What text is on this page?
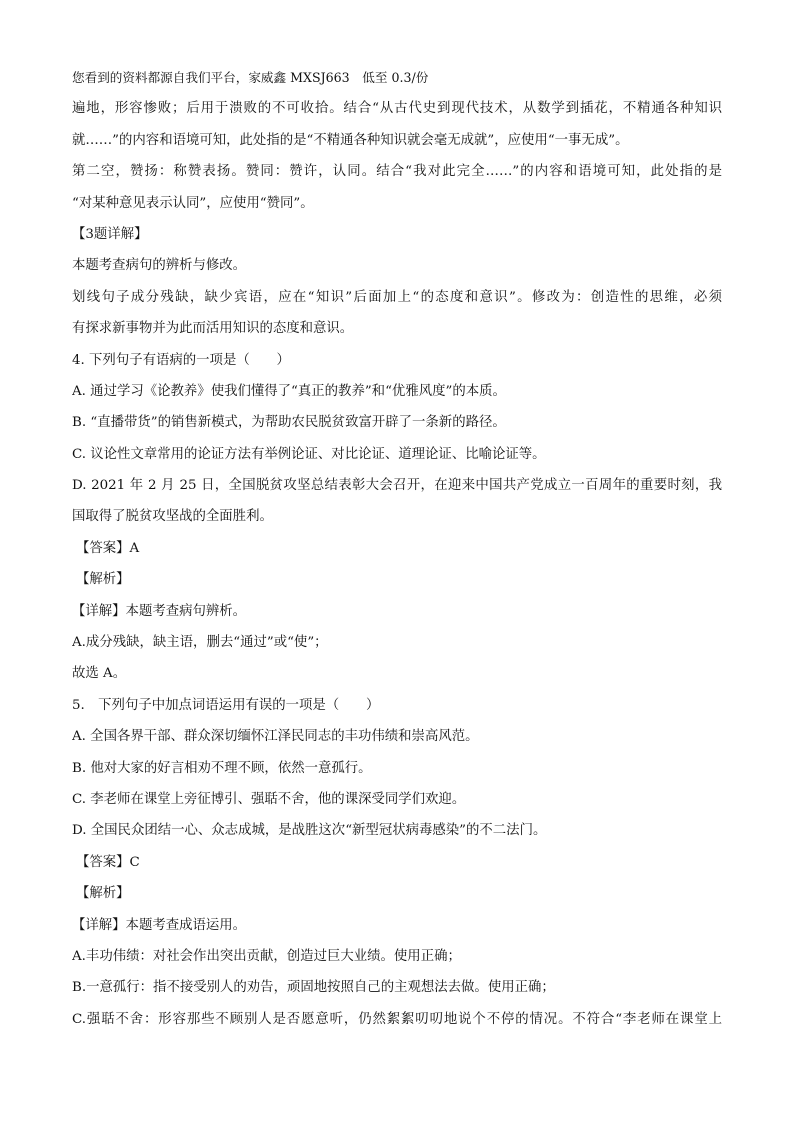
您看到的资料都源自我们平台，家威鑫 MXSJ663　低至 0.3/份
遍地，形容惨败；后用于溃败的不可收拾。结合“从古代史到现代技术，从数学到插花，不精通各种知识
就……”的内容和语境可知，此处指的是“不精通各种知识就会毫无成就”，应使用“一事无成”。
第二空，赞扬：称赞表扬。赞同：赞许，认同。结合“我对此完全……”的内容和语境可知，此处指的是
“对某种意见表示认同”，应使用“赞同”。
【3题详解】
本题考查病句的辨析与修改。
划线句子成分残缺，缺少宾语，应在“知识”后面加上“的态度和意识”。修改为：创造性的思维，必须
有探求新事物并为此而活用知识的态度和意识。
4. 下列句子有语病的一项是（　　）
A. 通过学习《论教养》使我们懂得了“真正的教养”和“优雅风度”的本质。
B. “直播带货”的销售新模式，为帮助农民脱贫致富开辟了一条新的路径。
C. 议论性文章常用的论证方法有举例论证、对比论证、道理论证、比喻论证等。
D. 2021 年 2 月 25 日，全国脱贫攻坚总结表彰大会召开，在迎来中国共产党成立一百周年的重要时刻，我
国取得了脱贫攻坚战的全面胜利。
【答案】A
【解析】
【详解】本题考查病句辨析。
A.成分残缺，缺主语，删去“通过”或“使”；
故选 A。
5.　下列句子中加点词语运用有误的一项是（　　）
A. 全国各界干部、群众深切缅怀江泽民同志的丰功伟绩和崇高风范。
B. 他对大家的好言相劝不理不顾，依然一意孤行。
C. 李老师在课堂上旁征博引、强聒不舍，他的课深受同学们欢迎。
D. 全国民众团结一心、众志成城，是战胜这次“新型冠状病毒感染”的不二法门。
【答案】C
【解析】
【详解】本题考查成语运用。
A.丰功伟绩：对社会作出突出贡献，创造过巨大业绩。使用正确；
B.一意孤行：指不接受别人的劝告，顽固地按照自己的主观想法去做。使用正确；
C.强聒不舍：形容那些不顾别人是否愿意听，仍然絮絮叨叨地说个不停的情况。不符合“李老师在课堂上
